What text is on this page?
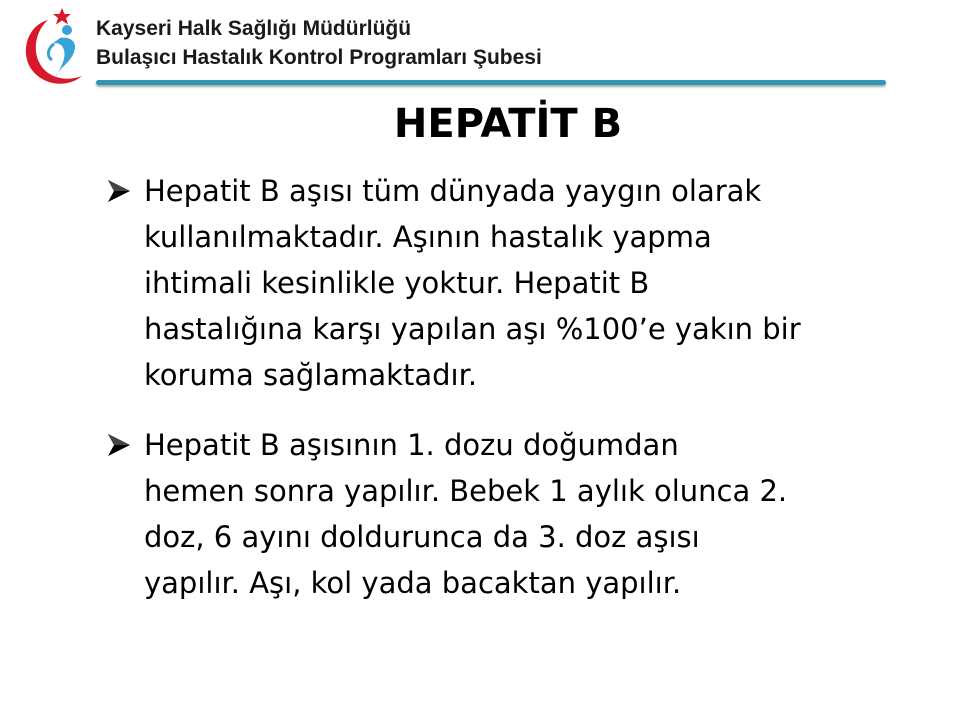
Kayseri Halk Sağlığı Müdürlüğü
Bulaşıcı Hastalık Kontrol Programları Şubesi
HEPATİT B
Hepatit B aşısı tüm dünyada yaygın olarak
kullanılmaktadır. Aşının hastalık yapma
ihtimali kesinlikle yoktur. Hepatit B
hastalığına karşı yapılan aşı %100’e yakın bir
koruma sağlamaktadır.
Hepatit B aşısının 1. dozu doğumdan
hemen sonra yapılır. Bebek 1 aylık olunca 2.
doz, 6 ayını doldurunca da 3. doz aşısı
yapılır. Aşı, kol yada bacaktan yapılır.
